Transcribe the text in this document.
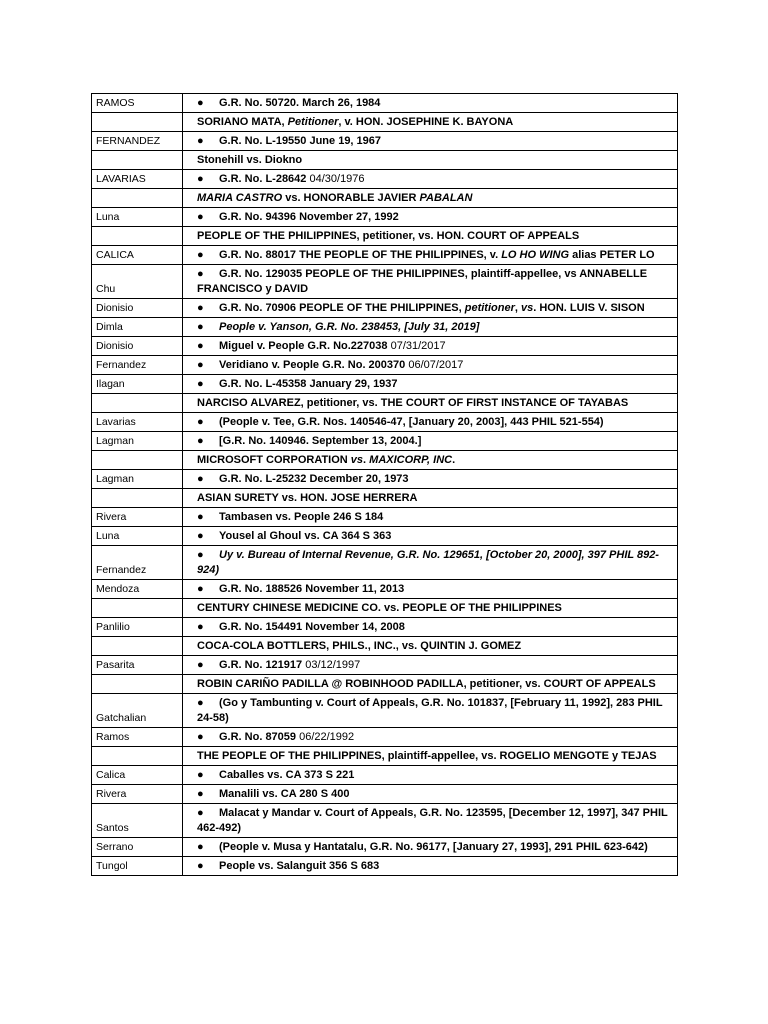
RAMOS	● G.R. No. 50720. March 26, 1984

	SORIANO MATA, Petitioner, v. HON. JOSEPHINE K. BAYONA

FERNANDEZ	● G.R. No. L-19550 June 19, 1967

	Stonehill vs. Diokno

LAVARIAS	● G.R. No. L-28642 04/30/1976

	MARIA CASTRO vs. HONORABLE JAVIER PABALAN

Luna	● G.R. No. 94396 November 27, 1992

	PEOPLE OF THE PHILIPPINES, petitioner, vs. HON. COURT OF APPEALS

CALICA	● G.R. No. 88017 THE PEOPLE OF THE PHILIPPINES, v. LO HO WING alias PETER LO

Chu	● G.R. No. 129035 PEOPLE OF THE PHILIPPINES, plaintiff-appellee, vs ANNABELLE FRANCISCO y DAVID

Dionisio	● G.R. No. 70906 PEOPLE OF THE PHILIPPINES, petitioner, vs. HON. LUIS V. SISON

Dimla	● People v. Yanson, G.R. No. 238453, [July 31, 2019]

Dionisio	● Miguel v. People G.R. No.227038 07/31/2017

Fernandez	● Veridiano v. People G.R. No. 200370 06/07/2017

Ilagan	● G.R. No. L-45358 January 29, 1937

	NARCISO ALVAREZ, petitioner, vs. THE COURT OF FIRST INSTANCE OF TAYABAS

Lavarias	● (People v. Tee, G.R. Nos. 140546-47, [January 20, 2003], 443 PHIL 521-554)

Lagman	● [G.R. No. 140946. September 13, 2004.]

	MICROSOFT CORPORATION vs. MAXICORP, INC.

Lagman	● G.R. No. L-25232 December 20, 1973

	ASIAN SURETY vs. HON. JOSE HERRERA

Rivera	● Tambasen vs. People 246 S 184

Luna	● Yousel al Ghoul vs. CA 364 S 363

Fernandez	● Uy v. Bureau of Internal Revenue, G.R. No. 129651, [October 20, 2000], 397 PHIL 892-924)

Mendoza	● G.R. No. 188526 November 11, 2013

	CENTURY CHINESE MEDICINE CO. vs. PEOPLE OF THE PHILIPPINES

Panlilio	● G.R. No. 154491 November 14, 2008

	COCA-COLA BOTTLERS, PHILS., INC., vs. QUINTIN J. GOMEZ

Pasarita	● G.R. No. 121917 03/12/1997

	ROBIN CARIÑO PADILLA @ ROBINHOOD PADILLA, petitioner, vs. COURT OF APPEALS

Gatchalian	● (Go y Tambunting v. Court of Appeals, G.R. No. 101837, [February 11, 1992], 283 PHIL 24-58)

Ramos	● G.R. No. 87059 06/22/1992

	THE PEOPLE OF THE PHILIPPINES, plaintiff-appellee, vs. ROGELIO MENGOTE y TEJAS

Calica	● Caballes vs. CA 373 S 221

Rivera	● Manalili vs. CA 280 S 400

Santos	● Malacat y Mandar v. Court of Appeals, G.R. No. 123595, [December 12, 1997], 347 PHIL 462-492)

Serrano	● (People v. Musa y Hantatalu, G.R. No. 96177, [January 27, 1993], 291 PHIL 623-642)

Tungol	● People vs. Salanguit 356 S 683
